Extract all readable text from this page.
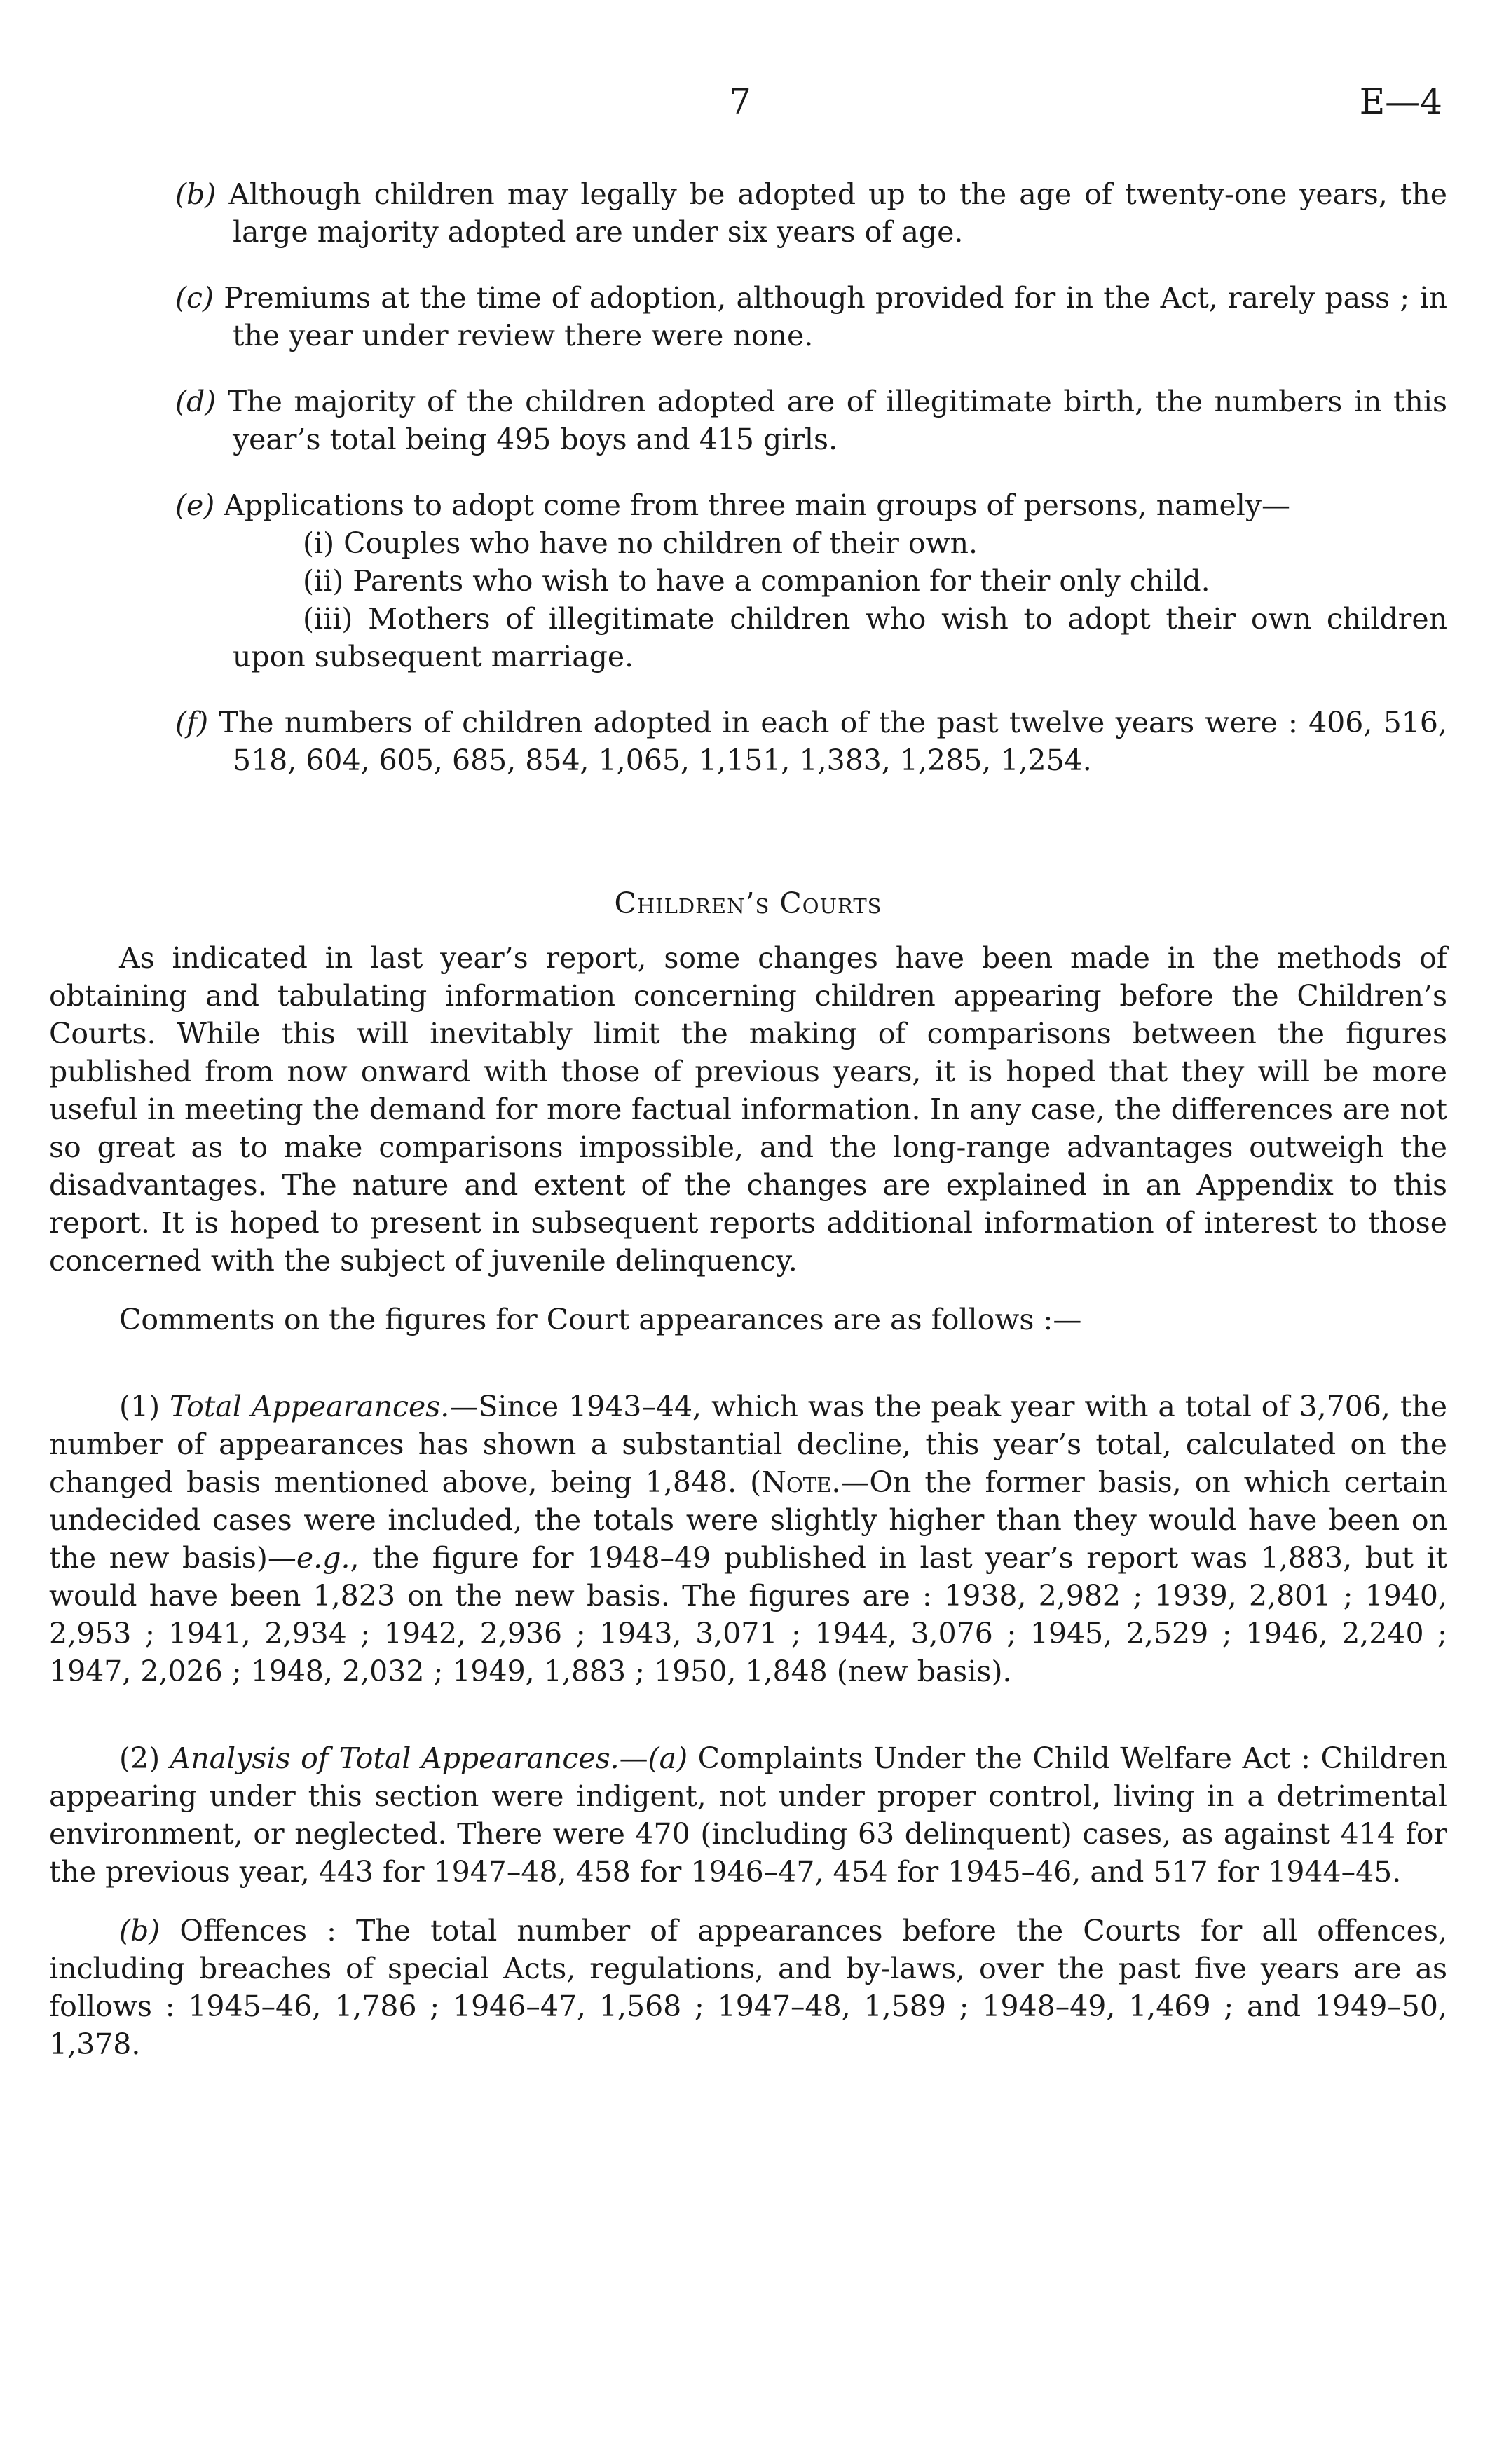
7	E—4

(b) Although children may legally be adopted up to the age of twenty-one years, the large majority adopted are under six years of age.

(c) Premiums at the time of adoption, although provided for in the Act, rarely pass ; in the year under review there were none.

(d) The majority of the children adopted are of illegitimate birth, the numbers in this year’s total being 495 boys and 415 girls.

(e) Applications to adopt come from three main groups of persons, namely—

(i) Couples who have no children of their own.

(ii) Parents who wish to have a companion for their only child.

(iii) Mothers of illegitimate children who wish to adopt their own children upon subsequent marriage.

(f) The numbers of children adopted in each of the past twelve years were : 406, 516, 518, 604, 605, 685, 854, 1,065, 1,151, 1,383, 1,285, 1,254.

Children’s Courts

As indicated in last year’s report, some changes have been made in the methods of obtaining and tabulating information concerning children appearing before the Children’s Courts. While this will inevitably limit the making of comparisons between the figures published from now onward with those of previous years, it is hoped that they will be more useful in meeting the demand for more factual information. In any case, the differences are not so great as to make comparisons impossible, and the long-range advantages outweigh the disadvantages. The nature and extent of the changes are explained in an Appendix to this report. It is hoped to present in subsequent reports additional information of interest to those concerned with the subject of juvenile delinquency.

Comments on the figures for Court appearances are as follows :—

(1) Total Appearances.—Since 1943–44, which was the peak year with a total of 3,706, the number of appearances has shown a substantial decline, this year’s total, calculated on the changed basis mentioned above, being 1,848. (Note.—On the former basis, on which certain undecided cases were included, the totals were slightly higher than they would have been on the new basis)—e.g., the figure for 1948–49 published in last year’s report was 1,883, but it would have been 1,823 on the new basis. The figures are : 1938, 2,982 ; 1939, 2,801 ; 1940, 2,953 ; 1941, 2,934 ; 1942, 2,936 ; 1943, 3,071 ; 1944, 3,076 ; 1945, 2,529 ; 1946, 2,240 ; 1947, 2,026 ; 1948, 2,032 ; 1949, 1,883 ; 1950, 1,848 (new basis).

(2) Analysis of Total Appearances.—(a) Complaints Under the Child Welfare Act : Children appearing under this section were indigent, not under proper control, living in a detrimental environment, or neglected. There were 470 (including 63 delinquent) cases, as against 414 for the previous year, 443 for 1947–48, 458 for 1946–47, 454 for 1945–46, and 517 for 1944–45.

(b) Offences : The total number of appearances before the Courts for all offences, including breaches of special Acts, regulations, and by-laws, over the past five years are as follows : 1945–46, 1,786 ; 1946–47, 1,568 ; 1947–48, 1,589 ; 1948–49, 1,469 ; and 1949–50, 1,378.
